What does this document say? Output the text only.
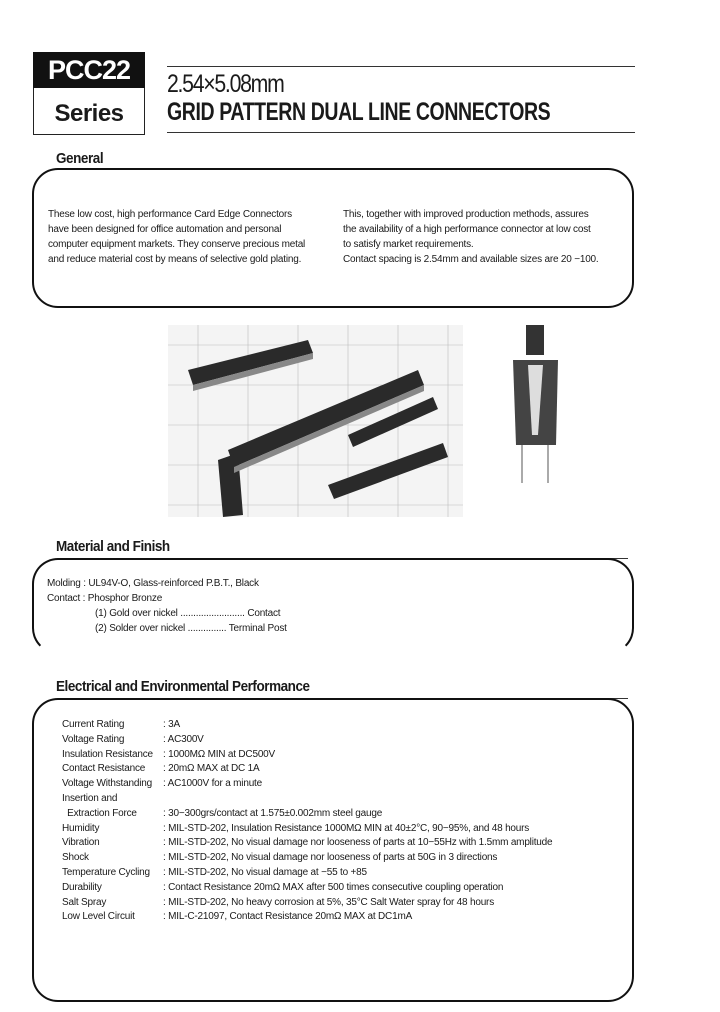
PCC22
Series
2.54×5.08mm
GRID PATTERN DUAL LINE CONNECTORS
General
These low cost, high performance Card Edge Connectors
have been designed for office automation and personal
computer equipment markets. They conserve precious metal
and reduce material cost by means of selective gold plating.
This, together with improved production methods, assures
the availability of a high performance connector at low cost
to satisfy market requirements.
Contact spacing is 2.54mm and available sizes are 20 −100.
Material and Finish
Molding : UL94V-O, Glass-reinforced P.B.T., Black
Contact : Phosphor Bronze
(1) Gold over nickel ......................... Contact
(2) Solder over nickel ............... Terminal Post
Electrical and Environmental Performance
Current Rating	: 3A
Voltage Rating	: AC300V
Insulation Resistance : 1000MΩ MIN at DC500V
Contact Resistance : 20mΩ MAX at DC 1A
Voltage Withstanding : AC1000V for a minute
Insertion and
Extraction Force	: 30−300grs/contact at 1.575±0.002mm steel gauge
Humidity	: MIL-STD-202, Insulation Resistance 1000MΩ MIN at 40±2°C, 90−95%, and 48 hours
Vibration	: MIL-STD-202, No visual damage nor looseness of parts at 10−55Hz with 1.5mm amplitude
Shock	: MIL-STD-202, No visual damage nor looseness of parts at 50G in 3 directions
Temperature Cycling : MIL-STD-202, No visual damage at −55 to +85
Durability	: Contact Resistance 20mΩ MAX after 500 times consecutive coupling operation
Salt Spray	: MIL-STD-202, No heavy corrosion at 5%, 35°C Salt Water spray for 48 hours
Low Level Circuit	: MIL-C-21097, Contact Resistance 20mΩ MAX at DC1mA
